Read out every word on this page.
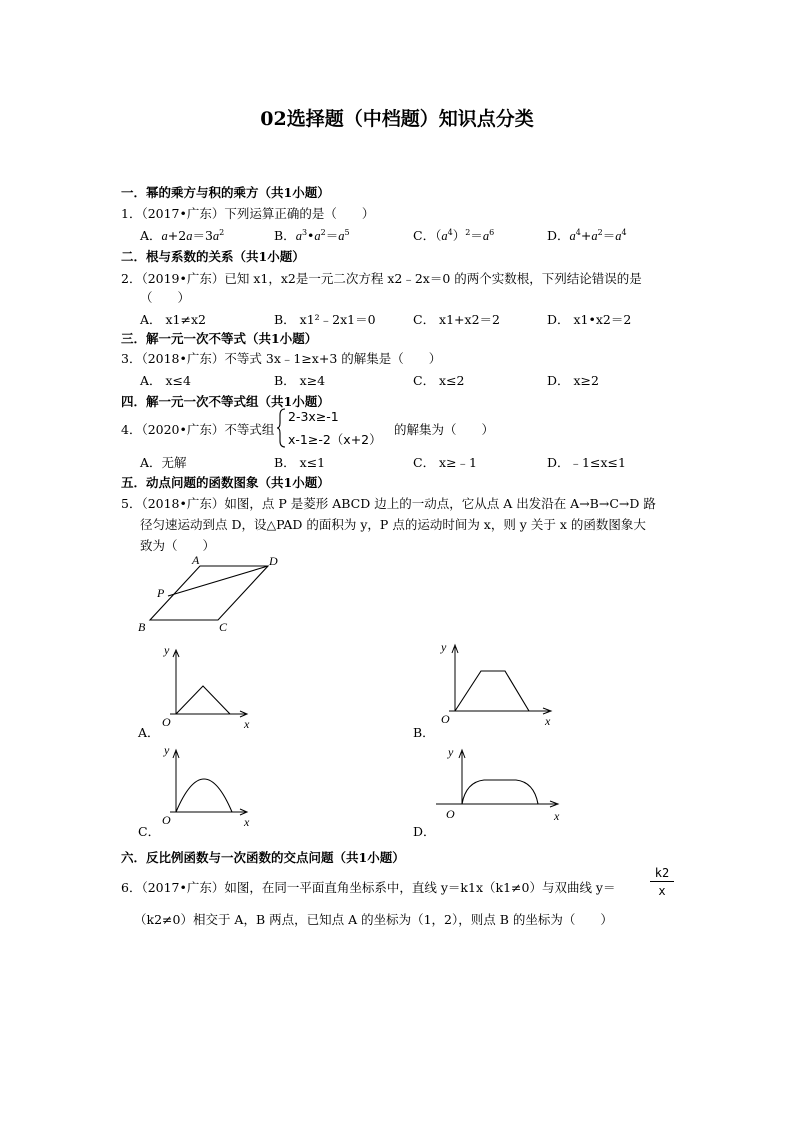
02选择题（中档题）知识点分类
一．幂的乘方与积的乘方（共1小题）
1．（2017•广东）下列运算正确的是（　　）
A．$a+2a=3a^2$	B．$a^3•a^2=a^5$	C．$(a^4)^2=a^6$	D．$a^4+a^2=a^4$
二．根与系数的关系（共1小题）
2．（2019•广东）已知 x1，x2是一元二次方程 x2﹣2x＝0 的两个实数根，下列结论错误的是
（　　）
A． x1≠x2	B． x1²﹣2x1＝0	C． x1+x2＝2	D． x1•x2＝2
三．解一元一次不等式（共1小题）
3．（2018•广东）不等式 3x﹣1≥x+3 的解集是（　　）
A． x≤4	B． x≥4	C． x≤2	D． x≥2
四．解一元一次不等式组（共1小题）
4．（2020•广东）不等式组
2-3x≥-1
x-1≥-2（x+2）
的解集为（　　）
A．无解	B． x≤1	C． x≥﹣1	D．﹣1≤x≤1
五．动点问题的函数图象（共1小题）
5．（2018•广东）如图，点 P 是菱形 ABCD 边上的一动点，它从点 A 出发沿在 A→B→C→D 路
径匀速运动到点 D，设△PAD 的面积为 y，P 点的运动时间为 x，则 y 关于 x 的函数图象大
致为（　　）
A	D
P
B	C
y
O	x
A．
y
O	x
B．
y
O	x
C．
y
O	x
D．
六．反比例函数与一次函数的交点问题（共1小题）
6．（2017•广东）如图，在同一平面直角坐标系中，直线 y＝k1x（k1≠0）与双曲线 y＝	$\frac{k2}{x}$
（k2≠0）相交于 A，B 两点，已知点 A 的坐标为（1，2），则点 B 的坐标为（　　）
